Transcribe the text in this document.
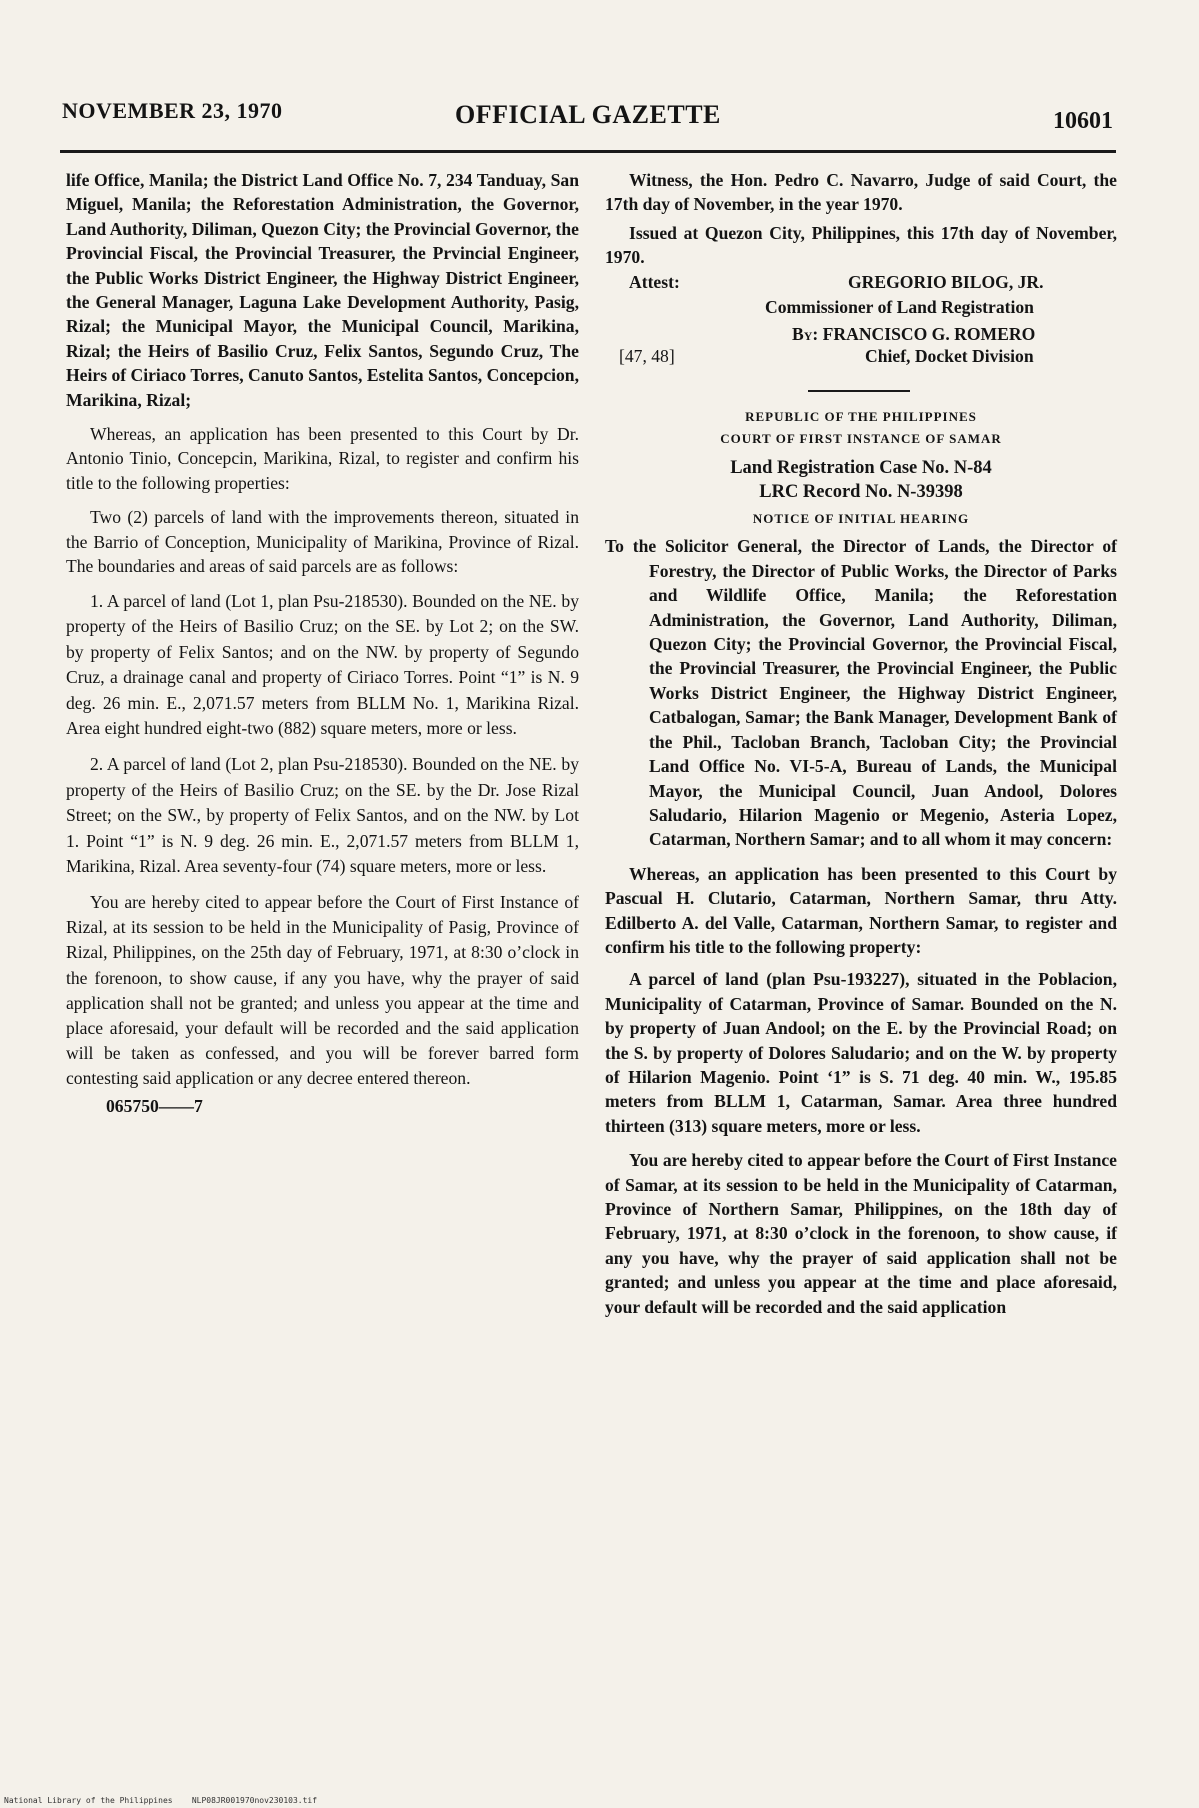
NOVEMBER 23, 1970	OFFICIAL GAZETTE	10601

life Office, Manila; the District Land Office No. 7, 234 Tanduay, San Miguel, Manila; the Reforestation Administration, the Governor, Land Authority, Diliman, Quezon City; the Provincial Governor, the Provincial Fiscal, the Provincial Treasurer, the Prvincial Engineer, the Public Works District Engineer, the Highway District Engineer, the General Manager, Laguna Lake Development Authority, Pasig, Rizal; the Municipal Mayor, the Municipal Council, Marikina, Rizal; the Heirs of Basilio Cruz, Felix Santos, Segundo Cruz, The Heirs of Ciriaco Torres, Canuto Santos, Estelita Santos, Concepcion, Marikina, Rizal;

Whereas, an application has been presented to this Court by Dr. Antonio Tinio, Concepcin, Marikina, Rizal, to register and confirm his title to the following properties:

Two (2) parcels of land with the improvements thereon, situated in the Barrio of Conception, Municipality of Marikina, Province of Rizal. The boundaries and areas of said parcels are as follows:

1. A parcel of land (Lot 1, plan Psu-218530). Bounded on the NE. by property of the Heirs of Basilio Cruz; on the SE. by Lot 2; on the SW. by property of Felix Santos; and on the NW. by property of Segundo Cruz, a drainage canal and property of Ciriaco Torres. Point “1” is N. 9 deg. 26 min. E., 2,071.57 meters from BLLM No. 1, Marikina Rizal. Area eight hundred eight-two (882) square meters, more or less.

2. A parcel of land (Lot 2, plan Psu-218530). Bounded on the NE. by property of the Heirs of Basilio Cruz; on the SE. by the Dr. Jose Rizal Street; on the SW., by property of Felix Santos, and on the NW. by Lot 1. Point “1” is N. 9 deg. 26 min. E., 2,071.57 meters from BLLM 1, Marikina, Rizal. Area seventy-four (74) square meters, more or less.

You are hereby cited to appear before the Court of First Instance of Rizal, at its session to be held in the Municipality of Pasig, Province of Rizal, Philippines, on the 25th day of February, 1971, at 8:30 o’clock in the forenoon, to show cause, if any you have, why the prayer of said application shall not be granted; and unless you appear at the time and place aforesaid, your default will be recorded and the said application will be taken as confessed, and you will be forever barred form contesting said application or any decree entered thereon.

065750——7

Witness, the Hon. Pedro C. Navarro, Judge of said Court, the 17th day of November, in the year 1970.

Issued at Quezon City, Philippines, this 17th day of November, 1970.

Attest:	GREGORIO BILOG, JR.
Commissioner of Land Registration
By: FRANCISCO G. ROMERO
[47, 48]	Chief, Docket Division

REPUBLIC OF THE PHILIPPINES

COURT OF FIRST INSTANCE OF SAMAR

Land Registration Case No. N-84

LRC Record No. N-39398

NOTICE OF INITIAL HEARING

To the Solicitor General, the Director of Lands, the Director of Forestry, the Director of Public Works, the Director of Parks and Wildlife Office, Manila; the Reforestation Administration, the Governor, Land Authority, Diliman, Quezon City; the Provincial Governor, the Provincial Fiscal, the Provincial Treasurer, the Provincial Engineer, the Public Works District Engineer, the Highway District Engineer, Catbalogan, Samar; the Bank Manager, Development Bank of the Phil., Tacloban Branch, Tacloban City; the Provincial Land Office No. VI-5-A, Bureau of Lands, the Municipal Mayor, the Municipal Council, Juan Andool, Dolores Saludario, Hilarion Magenio or Megenio, Asteria Lopez, Catarman, Northern Samar; and to all whom it may concern:

Whereas, an application has been presented to this Court by Pascual H. Clutario, Catarman, Northern Samar, thru Atty. Edilberto A. del Valle, Catarman, Northern Samar, to register and confirm his title to the following property:

A parcel of land (plan Psu-193227), situated in the Poblacion, Municipality of Catarman, Province of Samar. Bounded on the N. by property of Juan Andool; on the E. by the Provincial Road; on the S. by property of Dolores Saludario; and on the W. by property of Hilarion Magenio. Point ‘1” is S. 71 deg. 40 min. W., 195.85 meters from BLLM 1, Catarman, Samar. Area three hundred thirteen (313) square meters, more or less.

You are hereby cited to appear before the Court of First Instance of Samar, at its session to be held in the Municipality of Catarman, Province of Northern Samar, Philippines, on the 18th day of February, 1971, at 8:30 o’clock in the forenoon, to show cause, if any you have, why the prayer of said application shall not be granted; and unless you appear at the time and place aforesaid, your default will be recorded and the said application

National Library of the Philippines    NLP08JR001970nov230103.tif
